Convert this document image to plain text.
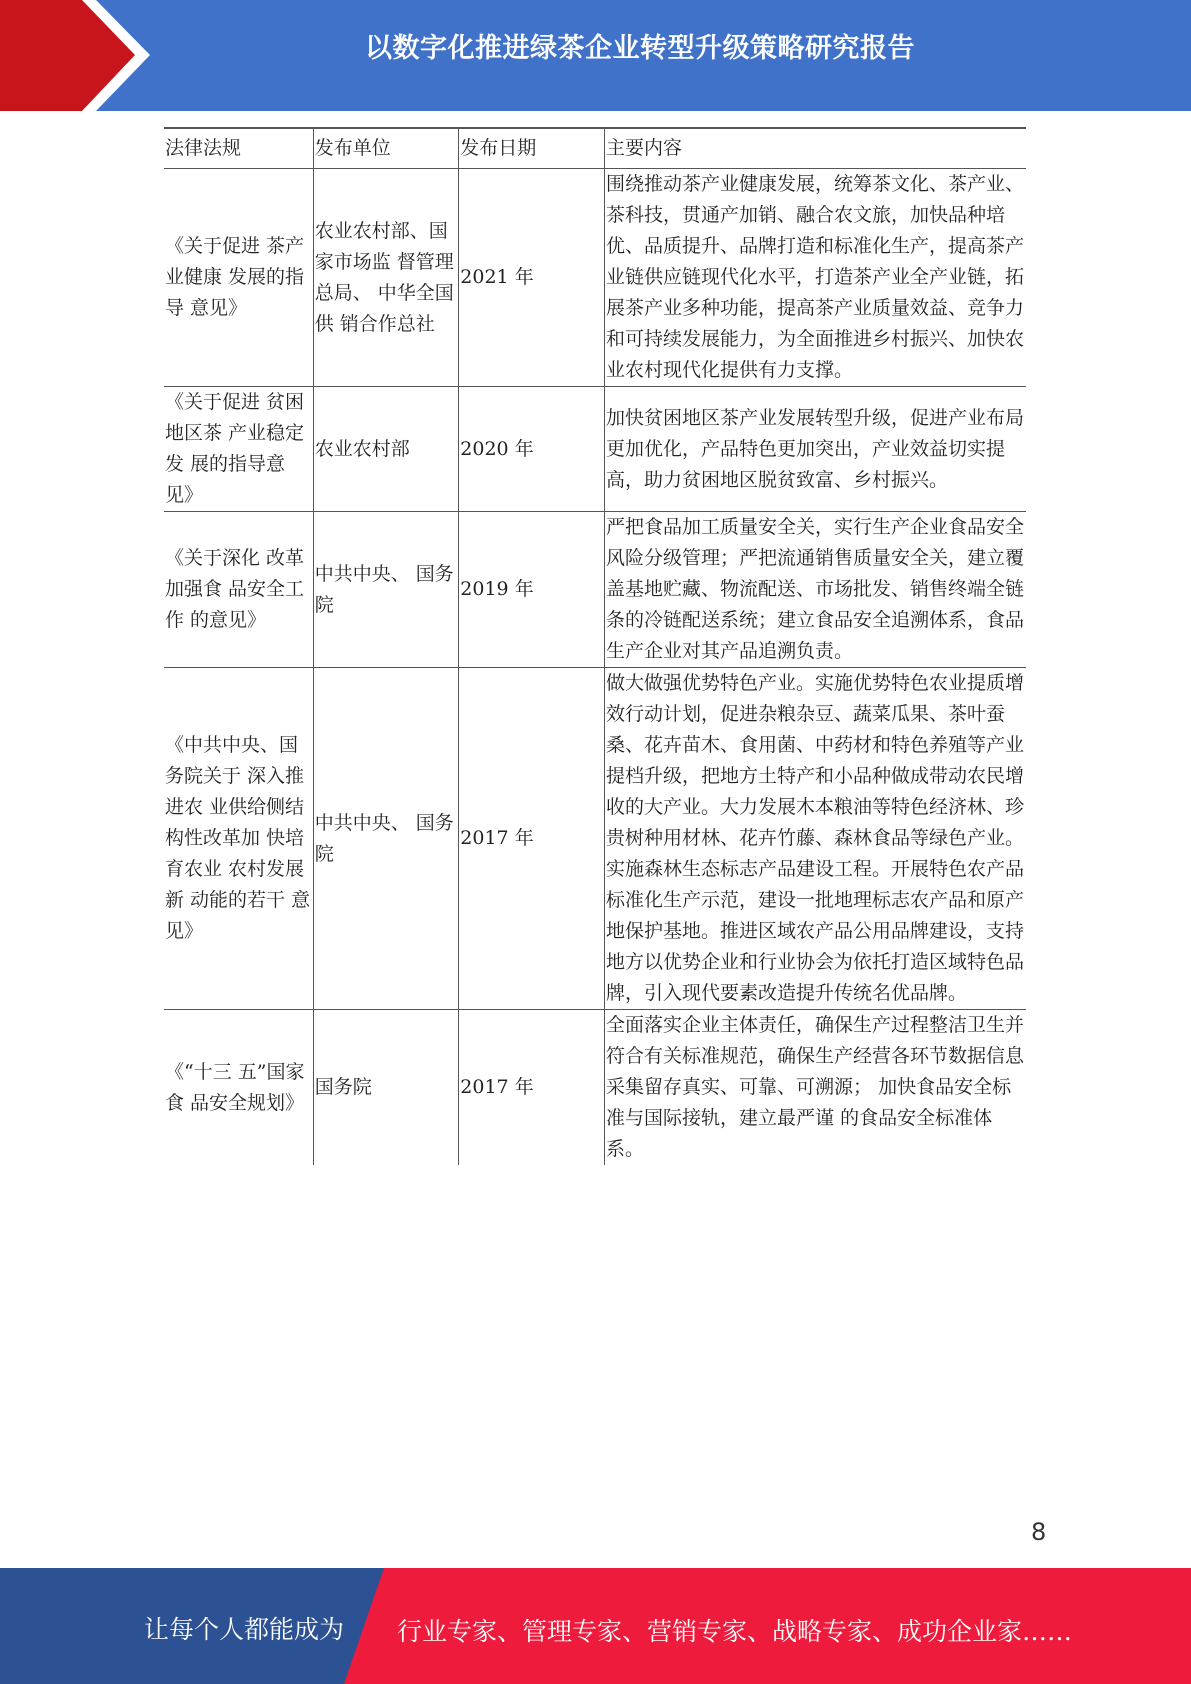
以数字化推进绿茶企业转型升级策略研究报告
法律法规	发布单位	发布日期	主要内容
《关于促进 茶产业健康 发展的指导 意见》	农业农村部、国家市场监 督管理总局、 中华全国供 销合作总社	2021 年	围绕推动茶产业健康发展，统筹茶文化、茶产业、茶科技，贯通产加销、融合农文旅，加快品种培优、品质提升、品牌打造和标准化生产，提高茶产业链供应链现代化水平，打造茶产业全产业链，拓展茶产业多种功能，提高茶产业质量效益、竞争力和可持续发展能力，为全面推进乡村振兴、加快农业农村现代化提供有力支撑。
《关于促进 贫困地区茶 产业稳定发 展的指导意 见》	农业农村部	2020 年	加快贫困地区茶产业发展转型升级，促进产业布局更加优化，产品特色更加突出，产业效益切实提高，助力贫困地区脱贫致富、乡村振兴。
《关于深化 改革加强食 品安全工作 的意见》	中共中央、 国务院	2019 年	严把食品加工质量安全关，实行生产企业食品安全风险分级管理；严把流通销售质量安全关，建立覆盖基地贮藏、物流配送、市场批发、销售终端全链条的冷链配送系统；建立食品安全追溯体系，食品生产企业对其产品追溯负责。
《中共中央、国务院关于 深入推进农 业供给侧结 构性改革加 快培育农业 农村发展新 动能的若干 意见》	中共中央、 国务院	2017 年	做大做强优势特色产业。实施优势特色农业提质增效行动计划，促进杂粮杂豆、蔬菜瓜果、茶叶蚕桑、花卉苗木、食用菌、中药材和特色养殖等产业提档升级，把地方土特产和小品种做成带动农民增收的大产业。大力发展木本粮油等特色经济林、珍贵树种用材林、花卉竹藤、森林食品等绿色产业。实施森林生态标志产品建设工程。开展特色农产品标准化生产示范，建设一批地理标志农产品和原产地保护基地。推进区域农产品公用品牌建设，支持地方以优势企业和行业协会为依托打造区域特色品牌，引入现代要素改造提升传统名优品牌。
《“十三 五”国家食 品安全规划》	国务院	2017 年	全面落实企业主体责任，确保生产过程整洁卫生并符合有关标准规范，确保生产经营各环节数据信息采集留存真实、可靠、可溯源； 加快食品安全标准与国际接轨，建立最严谨 的食品安全标准体系。
8
让每个人都能成为 行业专家、管理专家、营销专家、战略专家、成功企业家……
